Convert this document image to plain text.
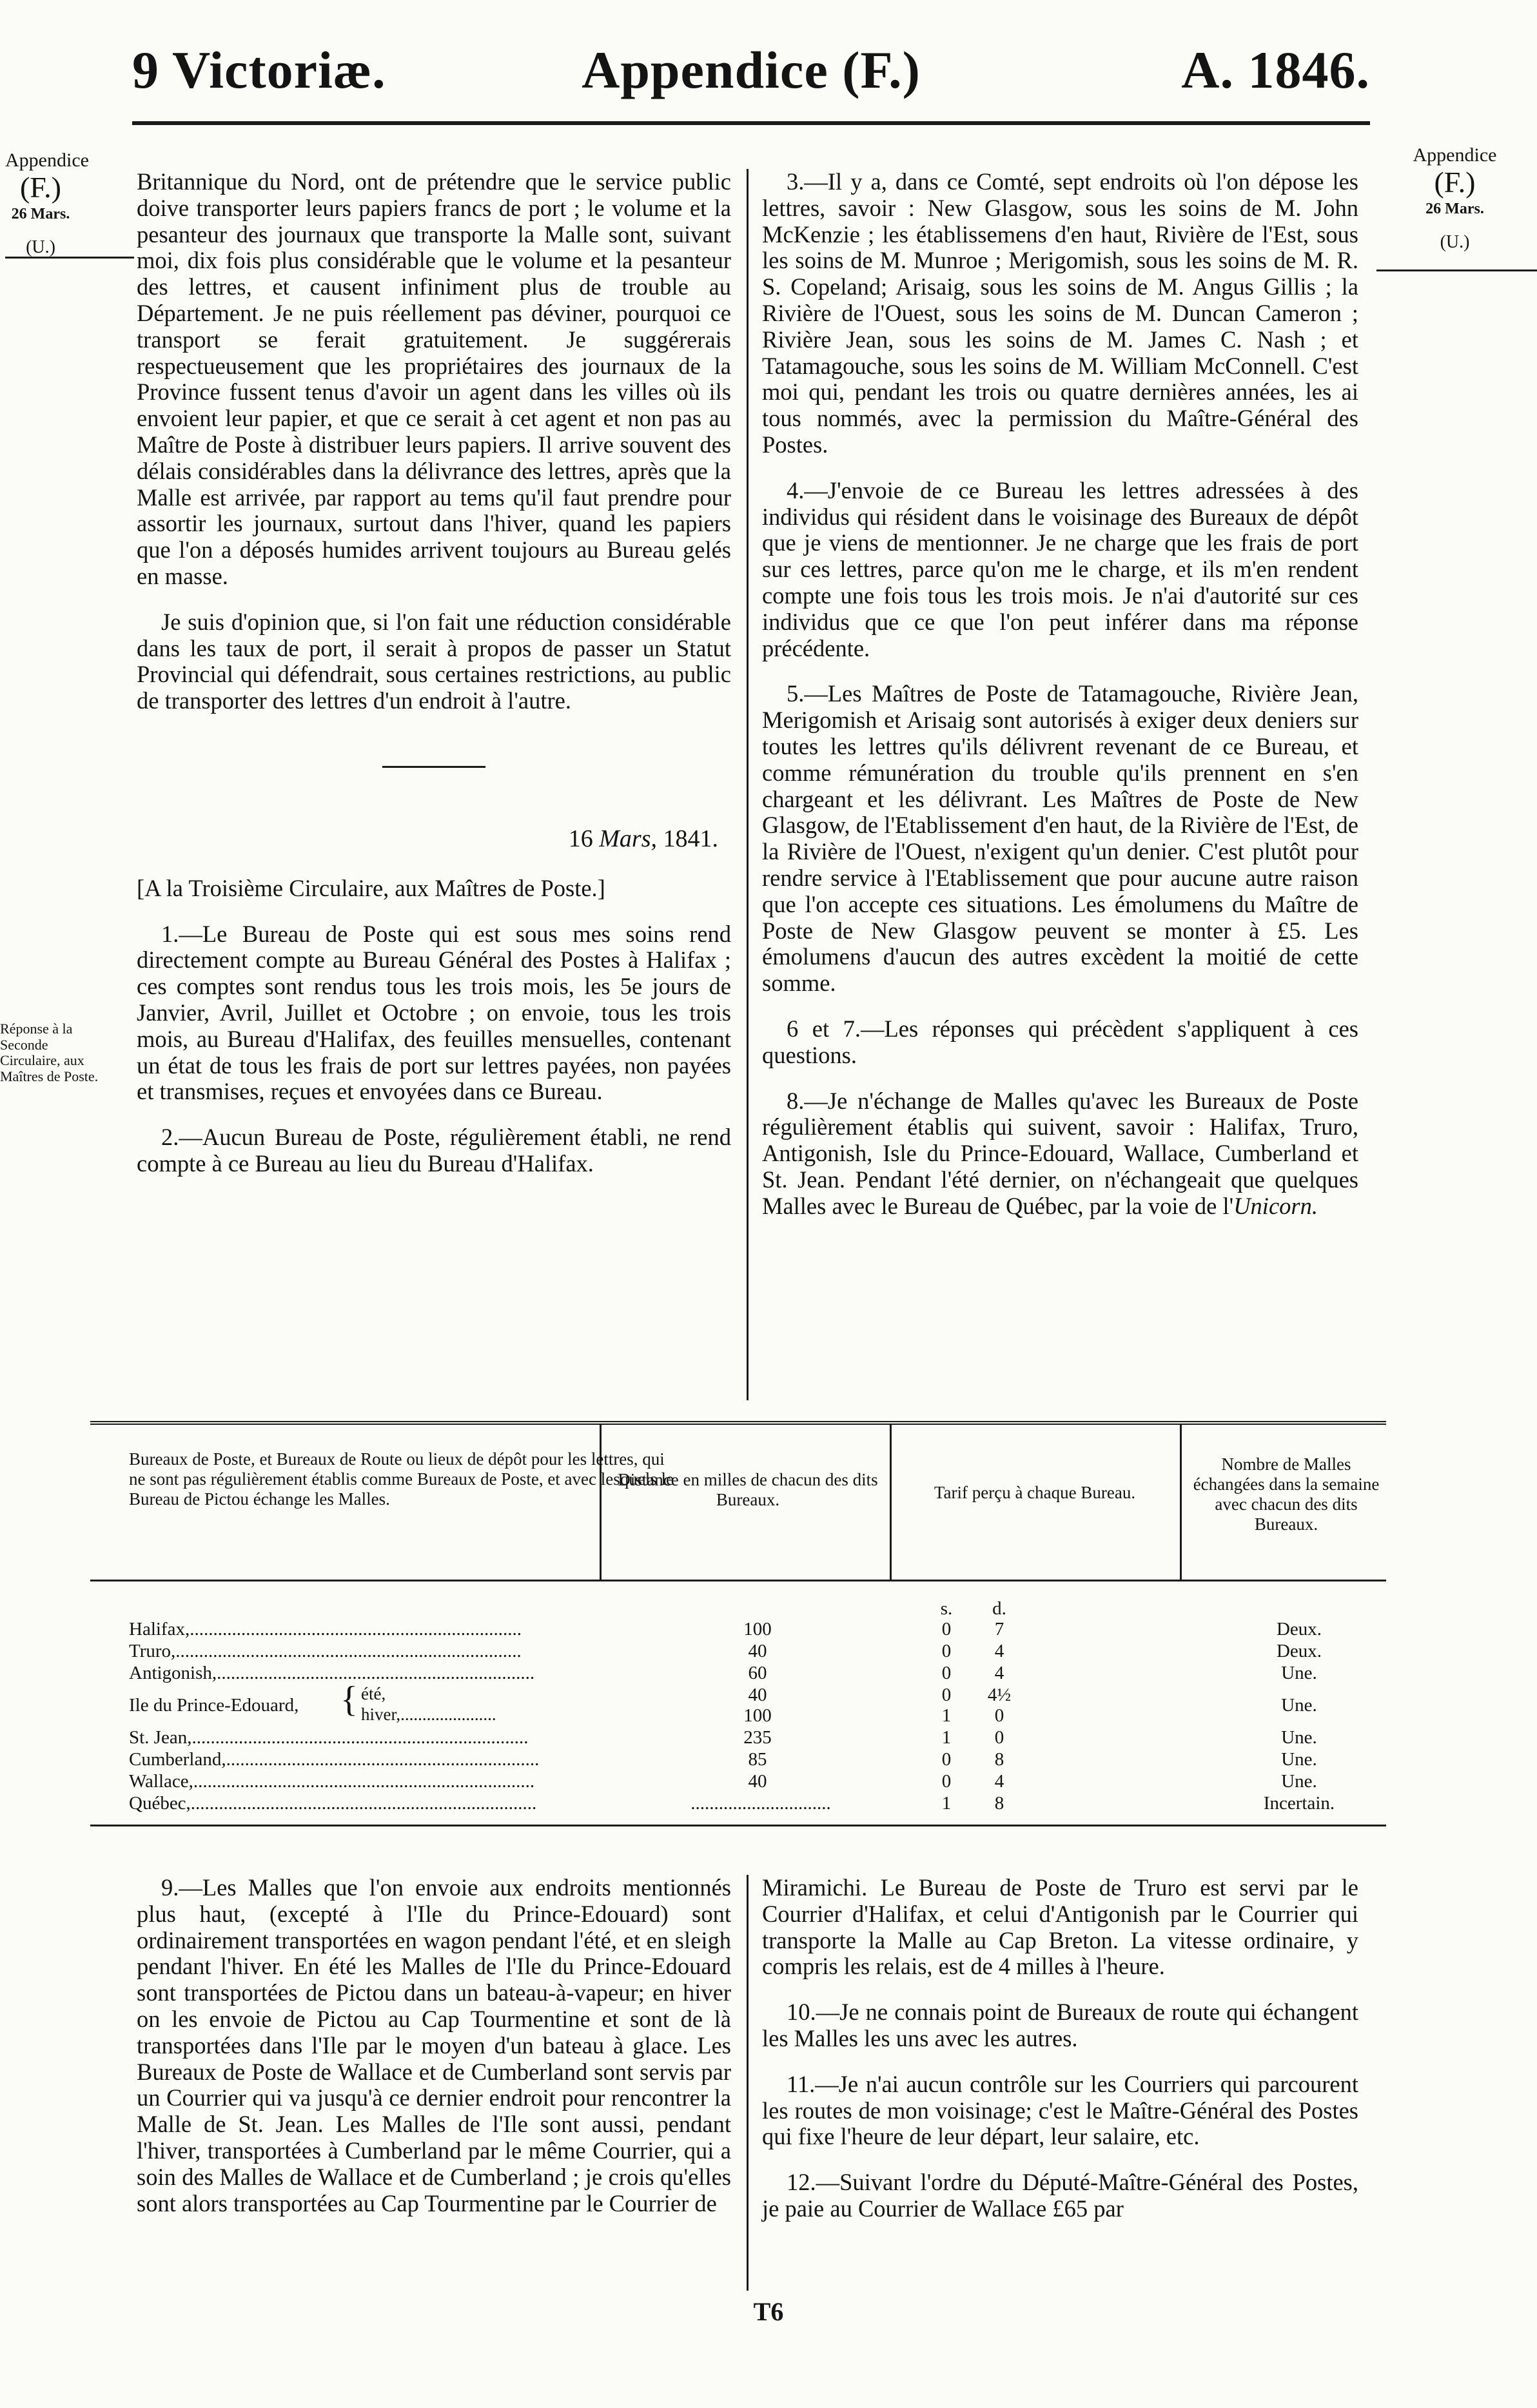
9 Victoriæ.	Appendice (F.)	A. 1846.
Appendice
(F.)
26 Mars.
(U.)
Appendice
(F.)
26 Mars.
(U.)
Réponse à la Seconde Circulaire, aux Maîtres de Poste.

Britannique du Nord, ont de prétendre que le service public doive transporter leurs papiers francs de port ; le volume et la pesanteur des journaux que transporte la Malle sont, suivant moi, dix fois plus considérable que le volume et la pesanteur des lettres, et causent infiniment plus de trouble au Département. Je ne puis réellement pas déviner, pourquoi ce transport se ferait gratuitement. Je suggérerais respectueusement que les propriétaires des journaux de la Province fussent tenus d'avoir un agent dans les villes où ils envoient leur papier, et que ce serait à cet agent et non pas au Maître de Poste à distribuer leurs papiers. Il arrive souvent des délais considérables dans la délivrance des lettres, après que la Malle est arrivée, par rapport au tems qu'il faut prendre pour assortir les journaux, surtout dans l'hiver, quand les papiers que l'on a déposés humides arrivent toujours au Bureau gelés en masse.

Je suis d'opinion que, si l'on fait une réduction considérable dans les taux de port, il serait à propos de passer un Statut Provincial qui défendrait, sous certaines restrictions, au public de transporter des lettres d'un endroit à l'autre.

16 Mars, 1841.

[A la Troisième Circulaire, aux Maîtres de Poste.]

1.—Le Bureau de Poste qui est sous mes soins rend directement compte au Bureau Général des Postes à Halifax ; ces comptes sont rendus tous les trois mois, les 5e jours de Janvier, Avril, Juillet et Octobre ; on envoie, tous les trois mois, au Bureau d'Halifax, des feuilles mensuelles, contenant un état de tous les frais de port sur lettres payées, non payées et transmises, reçues et envoyées dans ce Bureau.

2.—Aucun Bureau de Poste, régulièrement établi, ne rend compte à ce Bureau au lieu du Bureau d'Halifax.

3.—Il y a, dans ce Comté, sept endroits où l'on dépose les lettres, savoir : New Glasgow, sous les soins de M. John McKenzie ; les établissemens d'en haut, Rivière de l'Est, sous les soins de M. Munroe ; Merigomish, sous les soins de M. R. S. Copeland; Arisaig, sous les soins de M. Angus Gillis ; la Rivière de l'Ouest, sous les soins de M. Duncan Cameron ; Rivière Jean, sous les soins de M. James C. Nash ; et Tatamagouche, sous les soins de M. William McConnell. C'est moi qui, pendant les trois ou quatre dernières années, les ai tous nommés, avec la permission du Maître-Général des Postes.

4.—J'envoie de ce Bureau les lettres adressées à des individus qui résident dans le voisinage des Bureaux de dépôt que je viens de mentionner. Je ne charge que les frais de port sur ces lettres, parce qu'on me le charge, et ils m'en rendent compte une fois tous les trois mois. Je n'ai d'autorité sur ces individus que ce que l'on peut inférer dans ma réponse précédente.

5.—Les Maîtres de Poste de Tatamagouche, Rivière Jean, Merigomish et Arisaig sont autorisés à exiger deux deniers sur toutes les lettres qu'ils délivrent revenant de ce Bureau, et comme rémunération du trouble qu'ils prennent en s'en chargeant et les délivrant. Les Maîtres de Poste de New Glasgow, de l'Etablissement d'en haut, de la Rivière de l'Est, de la Rivière de l'Ouest, n'exigent qu'un denier. C'est plutôt pour rendre service à l'Etablissement que pour aucune autre raison que l'on accepte ces situations. Les émolumens du Maître de Poste de New Glasgow peuvent se monter à £5. Les émolumens d'aucun des autres excèdent la moitié de cette somme.

6 et 7.—Les réponses qui précèdent s'appliquent à ces questions.

8.—Je n'échange de Malles qu'avec les Bureaux de Poste régulièrement établis qui suivent, savoir : Halifax, Truro, Antigonish, Isle du Prince-Edouard, Wallace, Cumberland et St. Jean. Pendant l'été dernier, on n'échangeait que quelques Malles avec le Bureau de Québec, par la voie de l'Unicorn.

Bureaux de Poste, et Bureaux de Route ou lieux de dépôt pour les lettres, qui ne sont pas régulièrement établis comme Bureaux de Poste, et avec lesquels le Bureau de Pictou échange les Malles.
Distance en milles de chacun des dits Bureaux.	Tarif perçu à chaque Bureau.
Nombre de Malles échangées dans la semaine avec chacun des dits Bureaux.
s.	d.
Halifax,.......................................................................	100	0	7	Deux.
Truro,..........................................................................	40	0	4	Deux.
Antigonish,....................................................................	60	0	4	Une.
Ile du Prince-Edouard,	{ été,	40	0	4½	Une.
hiver,......................	100	1	0
St. Jean,........................................................................	235	1	0	Une.
Cumberland,...................................................................	85	0	8	Une.
Wallace,.........................................................................	40	0	4	Une.
Québec,..........................................................................	..............................	1	8	Incertain.

9.—Les Malles que l'on envoie aux endroits mentionnés plus haut, (excepté à l'Ile du Prince-Edouard) sont ordinairement transportées en wagon pendant l'été, et en sleigh pendant l'hiver. En été les Malles de l'Ile du Prince-Edouard sont transportées de Pictou dans un bateau-à-vapeur; en hiver on les envoie de Pictou au Cap Tourmentine et sont de là transportées dans l'Ile par le moyen d'un bateau à glace. Les Bureaux de Poste de Wallace et de Cumberland sont servis par un Courrier qui va jusqu'à ce dernier endroit pour rencontrer la Malle de St. Jean. Les Malles de l'Ile sont aussi, pendant l'hiver, transportées à Cumberland par le même Courrier, qui a soin des Malles de Wallace et de Cumberland ; je crois qu'elles sont alors transportées au Cap Tourmentine par le Courrier de

Miramichi. Le Bureau de Poste de Truro est servi par le Courrier d'Halifax, et celui d'Antigonish par le Courrier qui transporte la Malle au Cap Breton. La vitesse ordinaire, y compris les relais, est de 4 milles à l'heure.

10.—Je ne connais point de Bureaux de route qui échangent les Malles les uns avec les autres.

11.—Je n'ai aucun contrôle sur les Courriers qui parcourent les routes de mon voisinage; c'est le Maître-Général des Postes qui fixe l'heure de leur départ, leur salaire, etc.

12.—Suivant l'ordre du Député-Maître-Général des Postes, je paie au Courrier de Wallace £65 par

T6
